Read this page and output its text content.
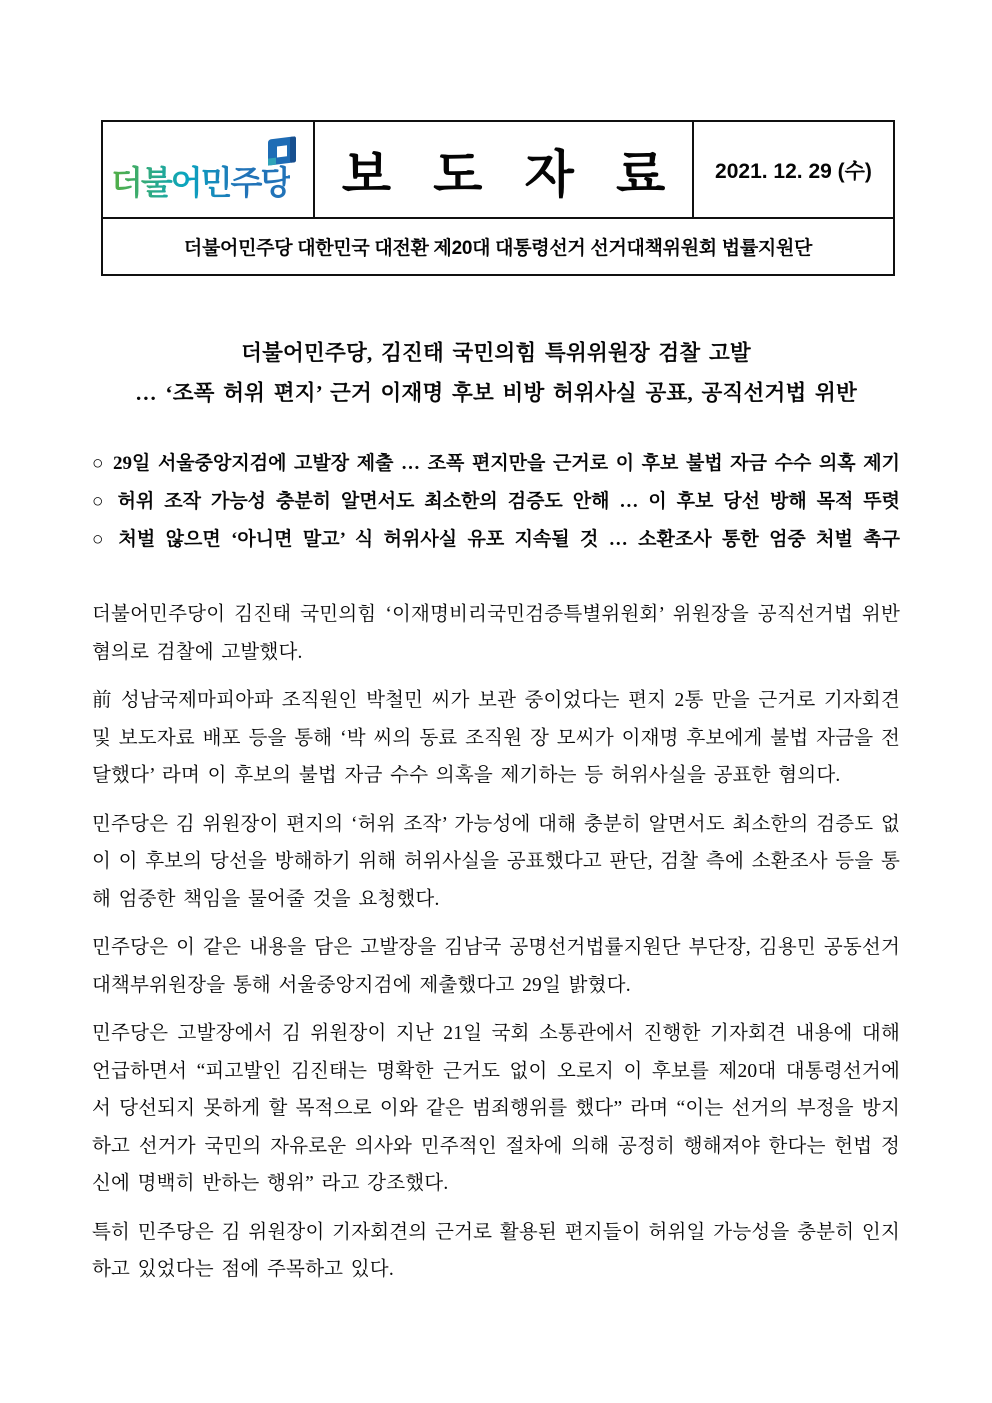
더불어민주당 보 도 자 료 2021. 12. 29 (수)
더불어민주당 대한민국 대전환 제20대 대통령선거 선거대책위원회 법률지원단
더불어민주당, 김진태 국민의힘 특위위원장 검찰 고발
… ‘조폭 허위 편지’ 근거 이재명 후보 비방 허위사실 공표, 공직선거법 위반
○ 29일 서울중앙지검에 고발장 제출 … 조폭 편지만을 근거로 이 후보 불법 자금 수수 의혹 제기
○ 허위 조작 가능성 충분히 알면서도 최소한의 검증도 안해 … 이 후보 당선 방해 목적 뚜렷
○ 처벌 않으면 ‘아니면 말고’ 식 허위사실 유포 지속될 것 … 소환조사 통한 엄중 처벌 촉구

더불어민주당이 김진태 국민의힘 ‘이재명비리국민검증특별위원회’ 위원장을 공직선거법 위반 혐의로 검찰에 고발했다.

前 성남국제마피아파 조직원인 박철민 씨가 보관 중이었다는 편지 2통 만을 근거로 기자회견 및 보도자료 배포 등을 통해 ‘박 씨의 동료 조직원 장 모씨가 이재명 후보에게 불법 자금을 전달했다’ 라며 이 후보의 불법 자금 수수 의혹을 제기하는 등 허위사실을 공표한 혐의다.

민주당은 김 위원장이 편지의 ‘허위 조작’ 가능성에 대해 충분히 알면서도 최소한의 검증도 없이 이 후보의 당선을 방해하기 위해 허위사실을 공표했다고 판단, 검찰 측에 소환조사 등을 통해 엄중한 책임을 물어줄 것을 요청했다.

민주당은 이 같은 내용을 담은 고발장을 김남국 공명선거법률지원단 부단장, 김용민 공동선거대책부위원장을 통해 서울중앙지검에 제출했다고 29일 밝혔다.

민주당은 고발장에서 김 위원장이 지난 21일 국회 소통관에서 진행한 기자회견 내용에 대해 언급하면서 “피고발인 김진태는 명확한 근거도 없이 오로지 이 후보를 제20대 대통령선거에서 당선되지 못하게 할 목적으로 이와 같은 범죄행위를 했다” 라며 “이는 선거의 부정을 방지하고 선거가 국민의 자유로운 의사와 민주적인 절차에 의해 공정히 행해져야 한다는 헌법 정신에 명백히 반하는 행위” 라고 강조했다.

특히 민주당은 김 위원장이 기자회견의 근거로 활용된 편지들이 허위일 가능성을 충분히 인지하고 있었다는 점에 주목하고 있다.
